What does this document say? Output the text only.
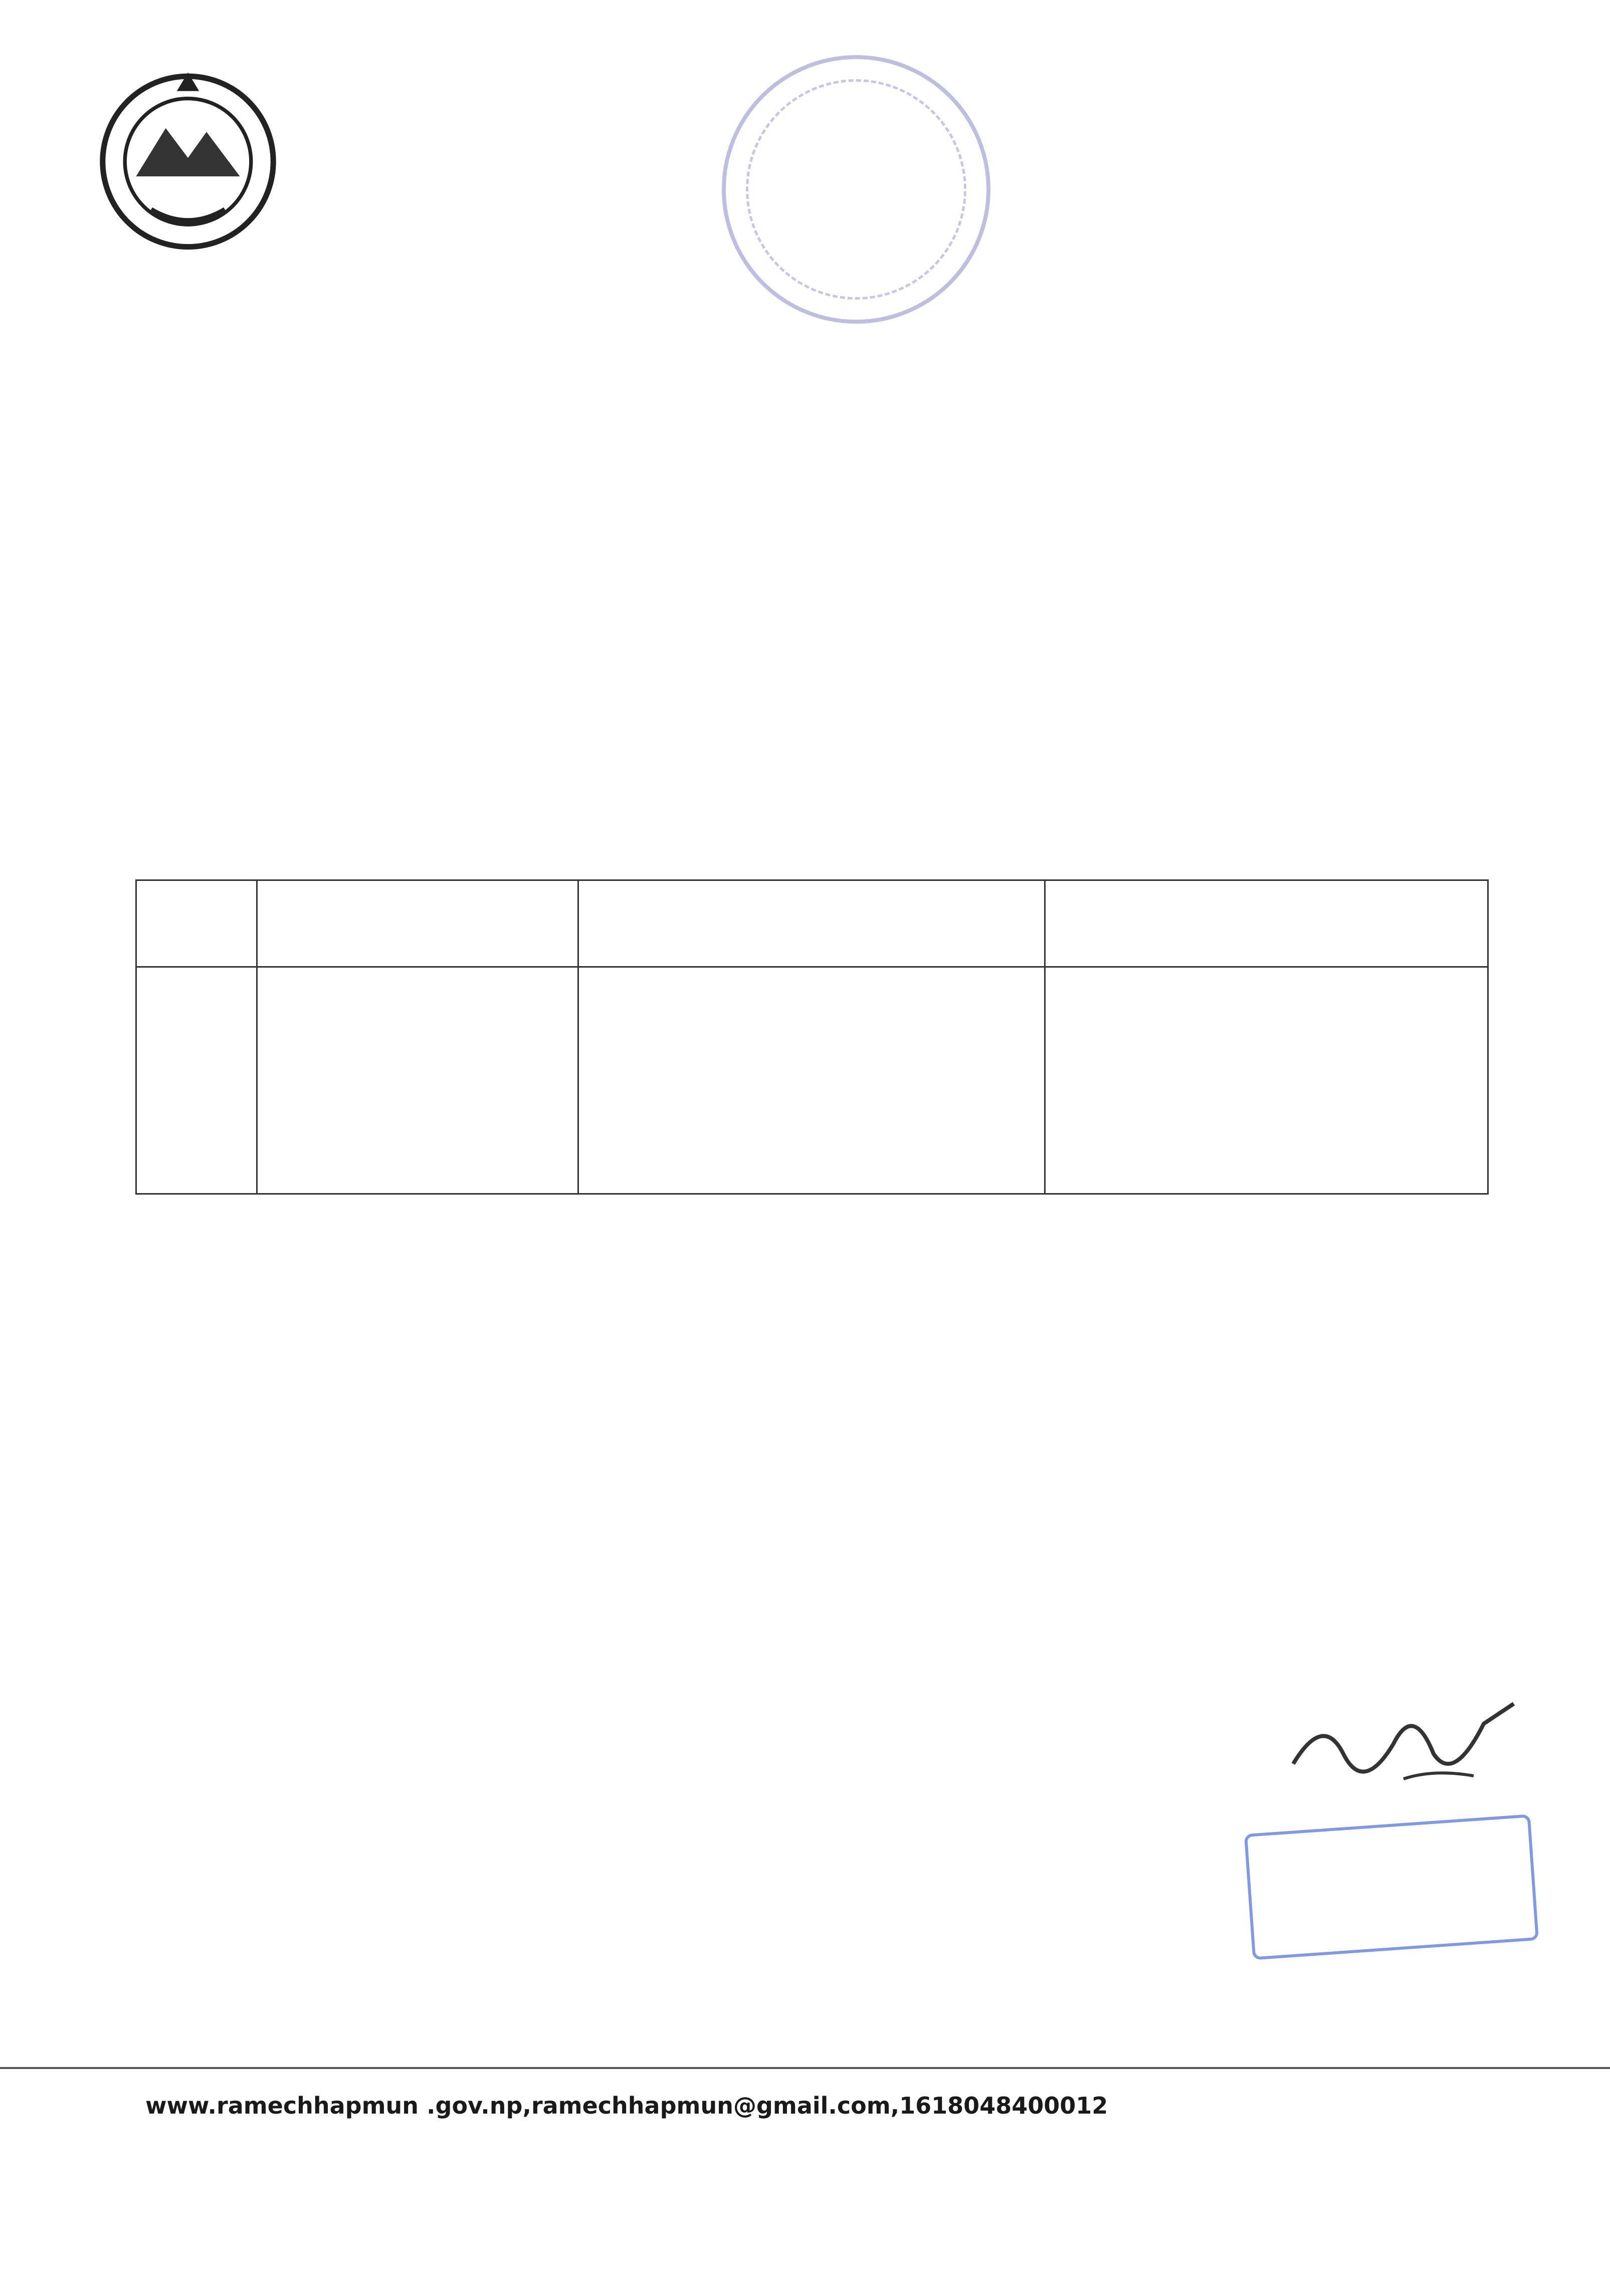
www.ramechhapmun .gov.np,ramechhapmun@gmail.com,1618048400012
